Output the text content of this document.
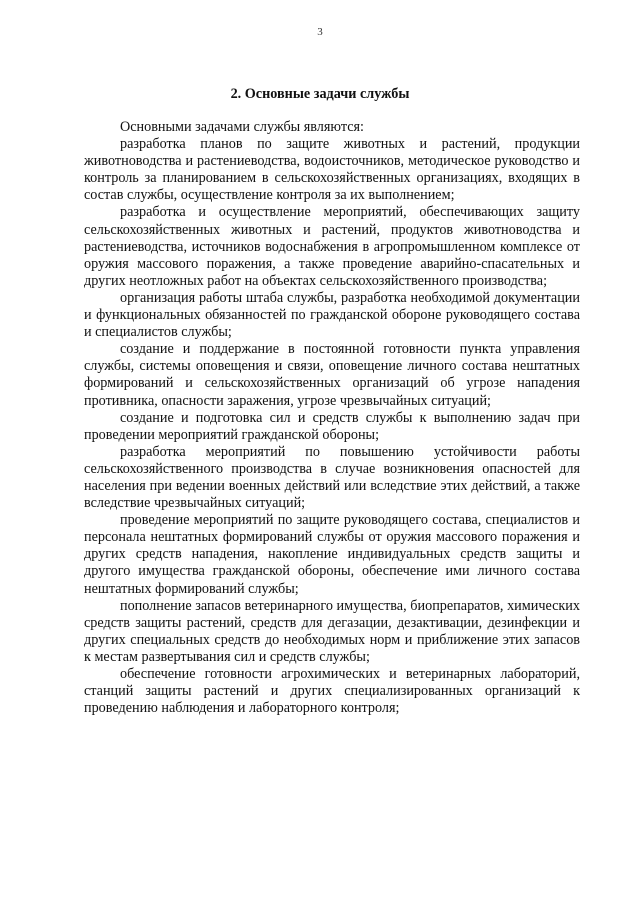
3
2. Основные задачи службы

Основными задачами службы являются:

разработка планов по защите животных и растений, продукции животноводства и растениеводства, водоисточников, методическое руководство и контроль за планированием в сельскохозяйственных организациях, входящих в состав службы, осуществление контроля за их выполнением;

разработка и осуществление мероприятий, обеспечивающих защиту сельскохозяйственных животных и растений, продуктов животноводства и растениеводства, источников водоснабжения в агропромышленном комплексе от оружия массового поражения, а также проведение аварийно-спасательных и других неотложных работ на объектах сельскохозяйственного производства;

организация работы штаба службы, разработка необходимой документации и функциональных обязанностей по гражданской обороне руководящего состава и специалистов службы;

создание и поддержание в постоянной готовности пункта управления службы, системы оповещения и связи, оповещение личного состава нештатных формирований и сельскохозяйственных организаций об угрозе нападения противника, опасности заражения, угрозе чрезвычайных ситуаций;

создание и подготовка сил и средств службы к выполнению задач при проведении мероприятий гражданской обороны;

разработка мероприятий по повышению устойчивости работы сельскохозяйственного производства в случае возникновения опасностей для населения при ведении военных действий или вследствие этих действий, а также вследствие чрезвычайных ситуаций;

проведение мероприятий по защите руководящего состава, специалистов и персонала нештатных формирований службы от оружия массового поражения и других средств нападения, накопление индивидуальных средств защиты и другого имущества гражданской обороны, обеспечение ими личного состава нештатных формирований службы;

пополнение запасов ветеринарного имущества, биопрепаратов, химических средств защиты растений, средств для дегазации, дезактивации, дезинфекции и других специальных средств до необходимых норм и приближение этих запасов к местам развертывания сил и средств службы;

обеспечение готовности агрохимических и ветеринарных лабораторий, станций защиты растений и других специализированных организаций к проведению наблюдения и лабораторного контроля;
